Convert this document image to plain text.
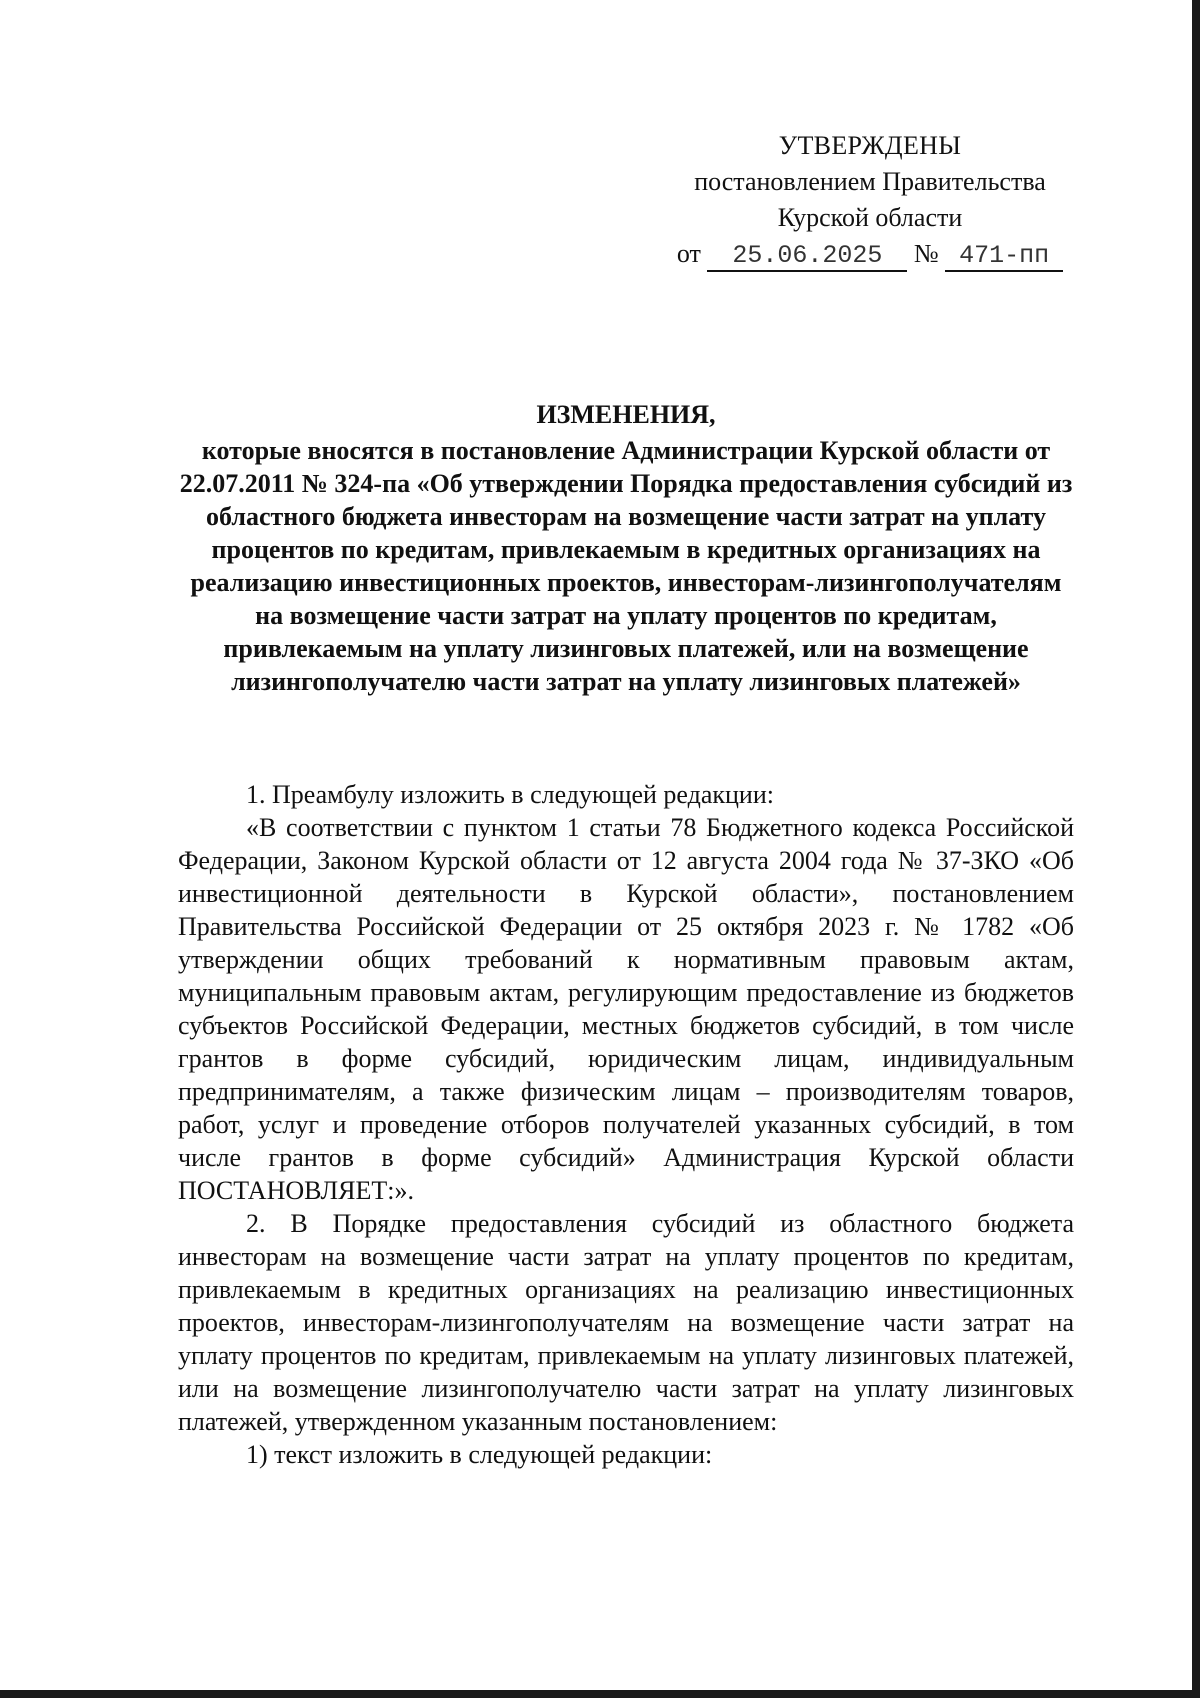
УТВЕРЖДЕНЫ
постановлением Правительства
Курской области
от 25.06.2025 № 471-пп
ИЗМЕНЕНИЯ,
которые вносятся в постановление Администрации Курской области от 22.07.2011 № 324-па «Об утверждении Порядка предоставления субсидий из областного бюджета инвесторам на возмещение части затрат на уплату процентов по кредитам, привлекаемым в кредитных организациях на реализацию инвестиционных проектов, инвесторам-лизингополучателям на возмещение части затрат на уплату процентов по кредитам, привлекаемым на уплату лизинговых платежей, или на возмещение лизингополучателю части затрат на уплату лизинговых платежей»

1. Преамбулу изложить в следующей редакции:

«В соответствии с пунктом 1 статьи 78 Бюджетного кодекса Российской Федерации, Законом Курской области от 12 августа 2004 года № 37-ЗКО «Об инвестиционной деятельности в Курской области», постановлением Правительства Российской Федерации от 25 октября 2023 г. № 1782 «Об утверждении общих требований к нормативным правовым актам, муниципальным правовым актам, регулирующим предоставление из бюджетов субъектов Российской Федерации, местных бюджетов субсидий, в том числе грантов в форме субсидий, юридическим лицам, индивидуальным предпринимателям, а также физическим лицам – производителям товаров, работ, услуг и проведение отборов получателей указанных субсидий, в том числе грантов в форме субсидий» Администрация Курской области ПОСТАНОВЛЯЕТ:».

2. В Порядке предоставления субсидий из областного бюджета инвесторам на возмещение части затрат на уплату процентов по кредитам, привлекаемым в кредитных организациях на реализацию инвестиционных проектов, инвесторам-лизингополучателям на возмещение части затрат на уплату процентов по кредитам, привлекаемым на уплату лизинговых платежей, или на возмещение лизингополучателю части затрат на уплату лизинговых платежей, утвержденном указанным постановлением:

1) текст изложить в следующей редакции:
